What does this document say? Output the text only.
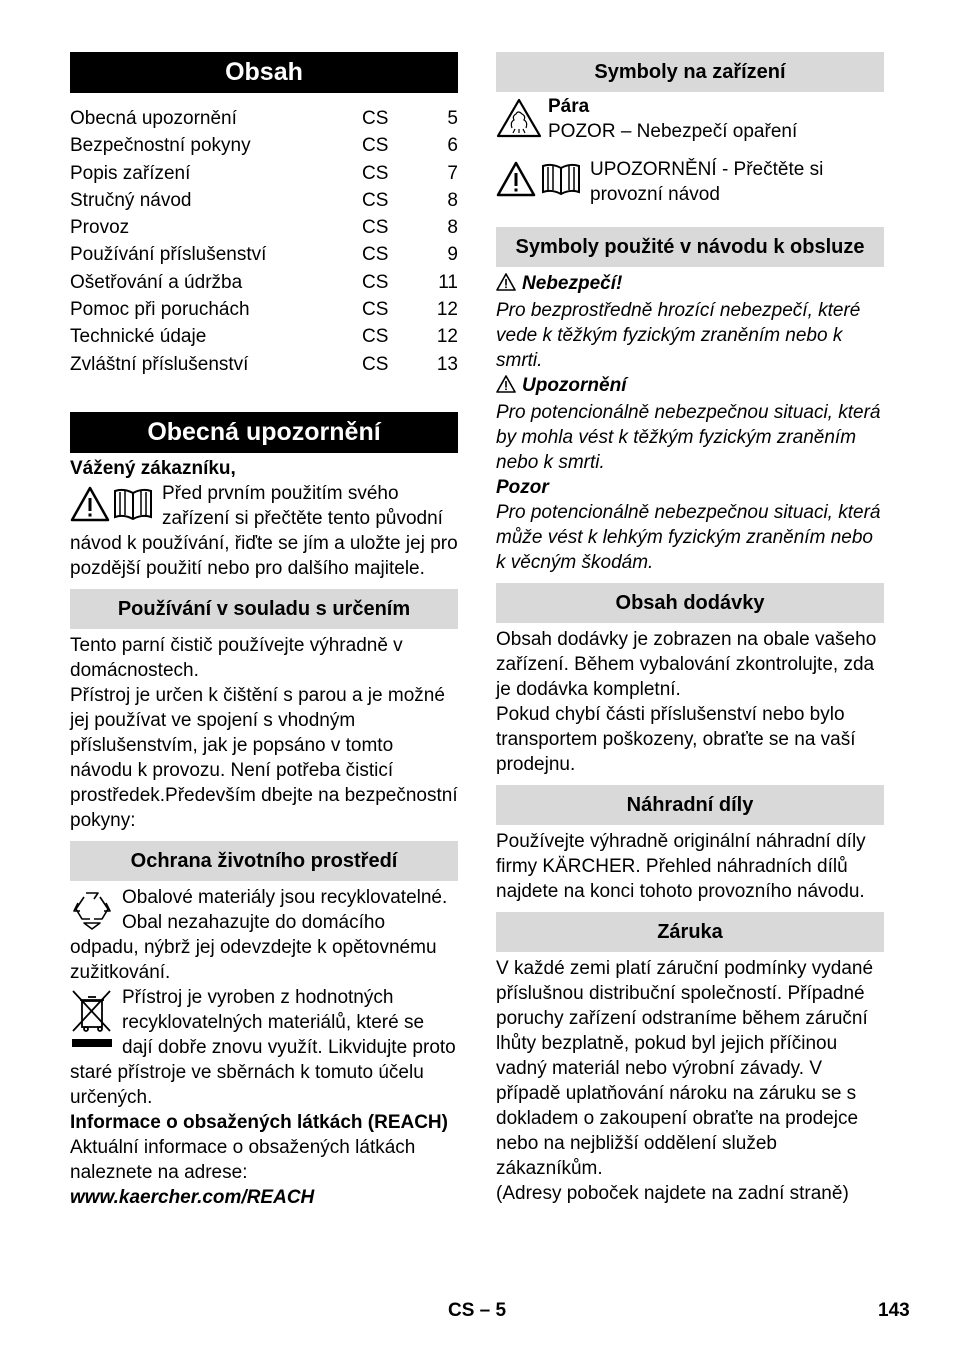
Obsah
Obecná upozornění	CS	5
Bezpečnostní pokyny	CS	6
Popis zařízení	CS	7
Stručný návod	CS	8
Provoz	CS	8
Používání příslušenství	CS	9
Ošetřování a údržba	CS	11
Pomoc při poruchách	CS	12
Technické údaje	CS	12
Zvláštní příslušenství	CS	13
Obecná upozornění

Vážený zákazníku,

Před prvním použitím svého zařízení si přečtěte tento původní návod k používání, řiďte se jím a uložte jej pro pozdější použití nebo pro dalšího majitele.

Používání v souladu s určením

Tento parní čistič používejte výhradně v domácnostech.

Přístroj je určen k čištění s parou a je možné jej používat ve spojení s vhodným příslušenstvím, jak je popsáno v tomto návodu k provozu. Není potřeba čisticí prostředek.Především dbejte na bezpečnostní pokyny:

Ochrana životního prostředí

Obalové materiály jsou recyklovatelné. Obal nezahazujte do domácího odpadu, nýbrž jej odevzdejte k opětovnému zužitkování.

Přístroj je vyroben z hodnotných recyklovatelných materiálů, které se dají dobře znovu využít. Likvidujte proto staré přístroje ve sběrnách k tomuto účelu určených.

Informace o obsažených látkách (REACH)

Aktuální informace o obsažených látkách naleznete na adrese:

www.kaercher.com/REACH

Symboly na zařízení

Pára

POZOR – Nebezpečí opaření

UPOZORNĚNÍ - Přečtěte si provozní návod

Symboly použité v návodu k obsluze

Nebezpečí!

Pro bezprostředně hrozící nebezpečí, které vede k těžkým fyzickým zraněním nebo k smrti.

Upozornění

Pro potencionálně nebezpečnou situaci, která by mohla vést k těžkým fyzickým zraněním nebo k smrti.

Pozor

Pro potencionálně nebezpečnou situaci, která může vést k lehkým fyzickým zraněním nebo k věcným škodám.

Obsah dodávky

Obsah dodávky je zobrazen na obale vašeho zařízení. Během vybalování zkontrolujte, zda je dodávka kompletní.

Pokud chybí části příslušenství nebo bylo transportem poškozeny, obraťte se na vaší prodejnu.

Náhradní díly

Používejte výhradně originální náhradní díly firmy KÄRCHER. Přehled náhradních dílů najdete na konci tohoto provozního návodu.

Záruka

V každé zemi platí záruční podmínky vydané příslušnou distribuční společností. Případné poruchy zařízení odstraníme během záruční lhůty bezplatně, pokud byl jejich příčinou vadný materiál nebo výrobní závady. V případě uplatňování nároku na záruku se s dokladem o zakoupení obraťte na prodejce nebo na nejbližší oddělení služeb zákazníkům.

(Adresy poboček najdete na zadní straně)

CS – 5	143
